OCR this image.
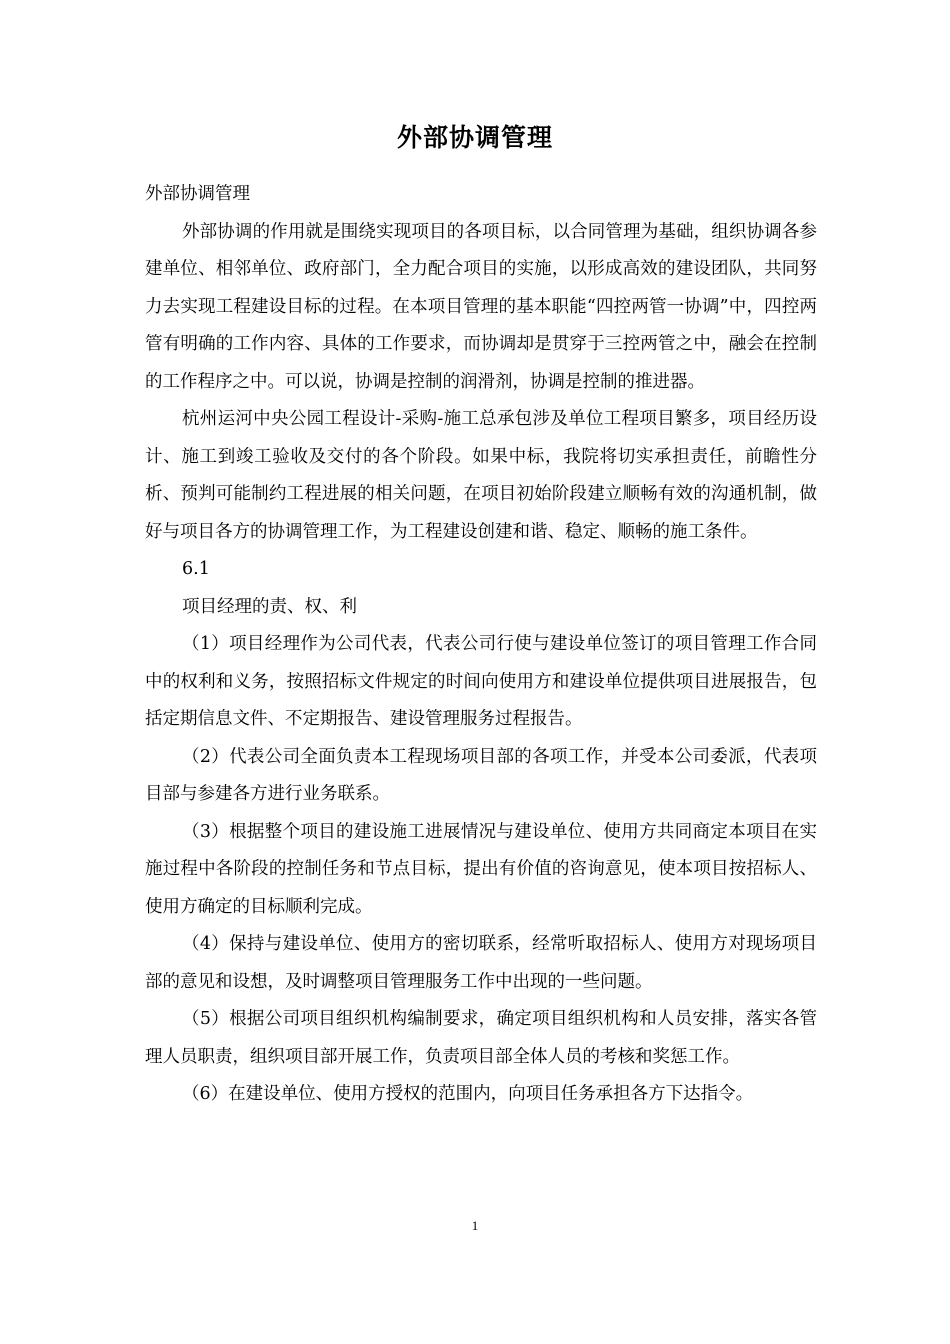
外部协调管理

外部协调管理

外部协调的作用就是围绕实现项目的各项目标，以合同管理为基础，组织协调各参建单位、相邻单位、政府部门，全力配合项目的实施，以形成高效的建设团队，共同努力去实现工程建设目标的过程。在本项目管理的基本职能“四控两管一协调”中，四控两管有明确的工作内容、具体的工作要求，而协调却是贯穿于三控两管之中，融会在控制的工作程序之中。可以说，协调是控制的润滑剂，协调是控制的推进器。

杭州运河中央公园工程设计-采购-施工总承包涉及单位工程项目繁多，项目经历设计、施工到竣工验收及交付的各个阶段。如果中标，我院将切实承担责任，前瞻性分析、预判可能制约工程进展的相关问题，在项目初始阶段建立顺畅有效的沟通机制，做好与项目各方的协调管理工作，为工程建设创建和谐、稳定、顺畅的施工条件。

6.1

项目经理的责、权、利

（1）项目经理作为公司代表，代表公司行使与建设单位签订的项目管理工作合同中的权利和义务，按照招标文件规定的时间向使用方和建设单位提供项目进展报告，包括定期信息文件、不定期报告、建设管理服务过程报告。

（2）代表公司全面负责本工程现场项目部的各项工作，并受本公司委派，代表项目部与参建各方进行业务联系。

（3）根据整个项目的建设施工进展情况与建设单位、使用方共同商定本项目在实施过程中各阶段的控制任务和节点目标，提出有价值的咨询意见，使本项目按招标人、使用方确定的目标顺利完成。

（4）保持与建设单位、使用方的密切联系，经常听取招标人、使用方对现场项目部的意见和设想，及时调整项目管理服务工作中出现的一些问题。

（5）根据公司项目组织机构编制要求，确定项目组织机构和人员安排，落实各管理人员职责，组织项目部开展工作，负责项目部全体人员的考核和奖惩工作。

（6）在建设单位、使用方授权的范围内，向项目任务承担各方下达指令。

1
